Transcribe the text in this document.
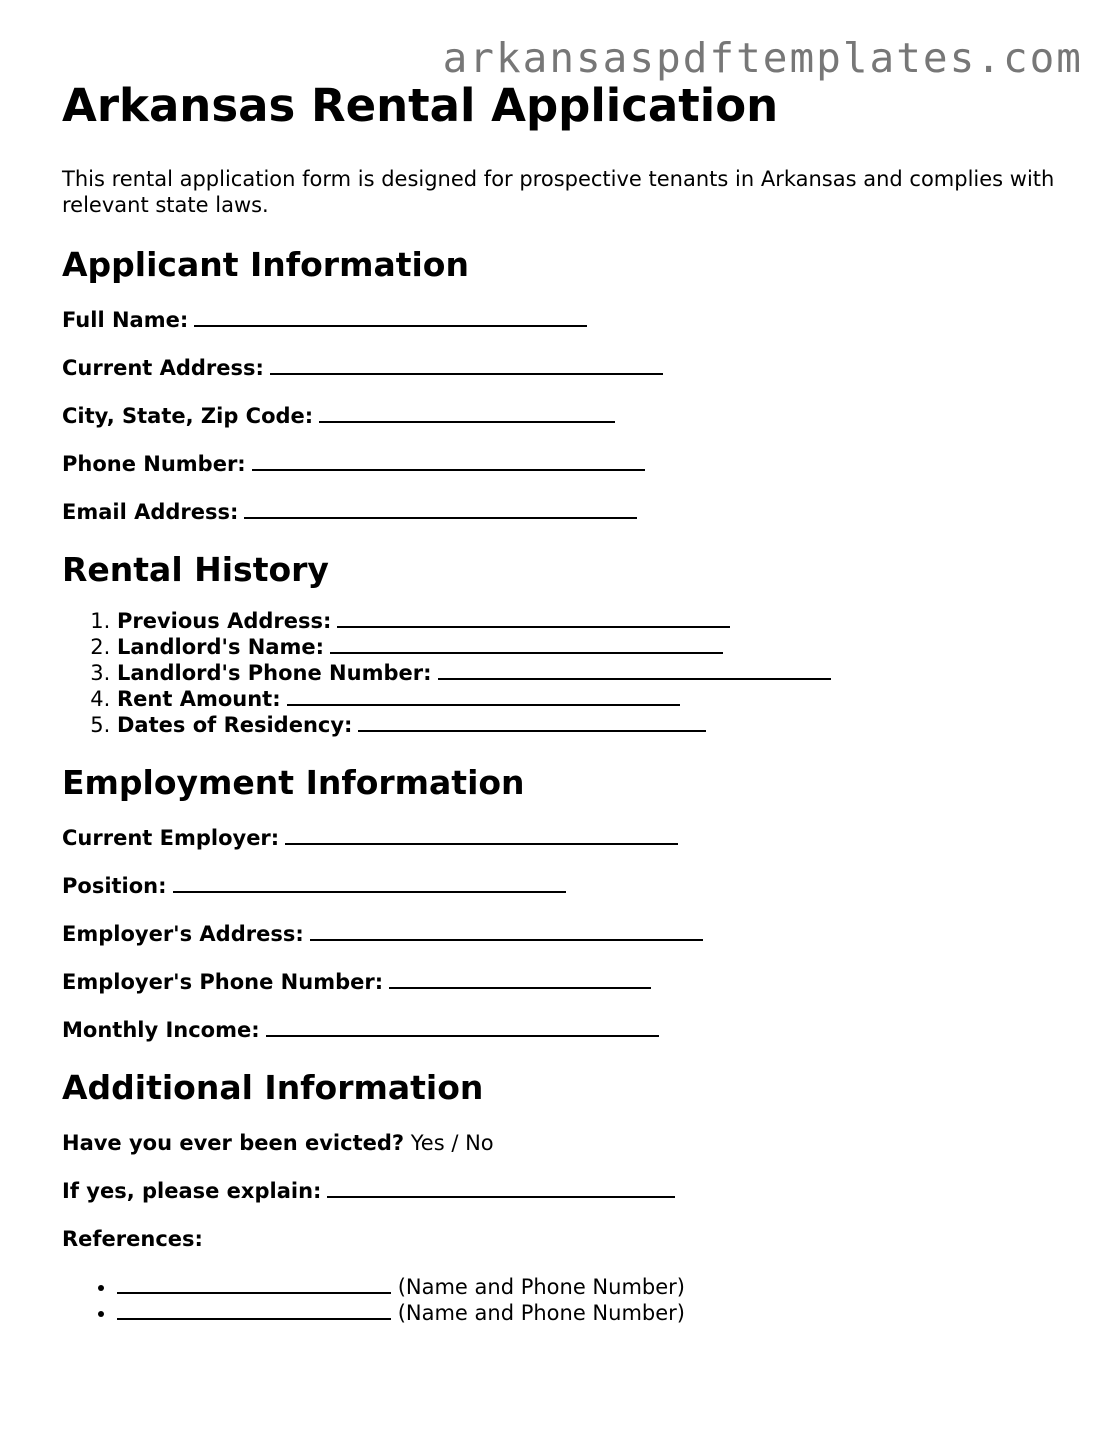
arkansaspdftemplates.com
Arkansas Rental Application

This rental application form is designed for prospective tenants in Arkansas and complies with relevant state laws.

Applicant Information

Full Name:

Current Address:

City, State, Zip Code:

Phone Number:

Email Address:

Rental History
1. Previous Address:
2. Landlord's Name:
3. Landlord's Phone Number:
4. Rent Amount:
5. Dates of Residency:
Employment Information

Current Employer:

Position:

Employer's Address:

Employer's Phone Number:

Monthly Income:

Additional Information

Have you ever been evicted? Yes / No

If yes, please explain:

References:

• (Name and Phone Number)
• (Name and Phone Number)
